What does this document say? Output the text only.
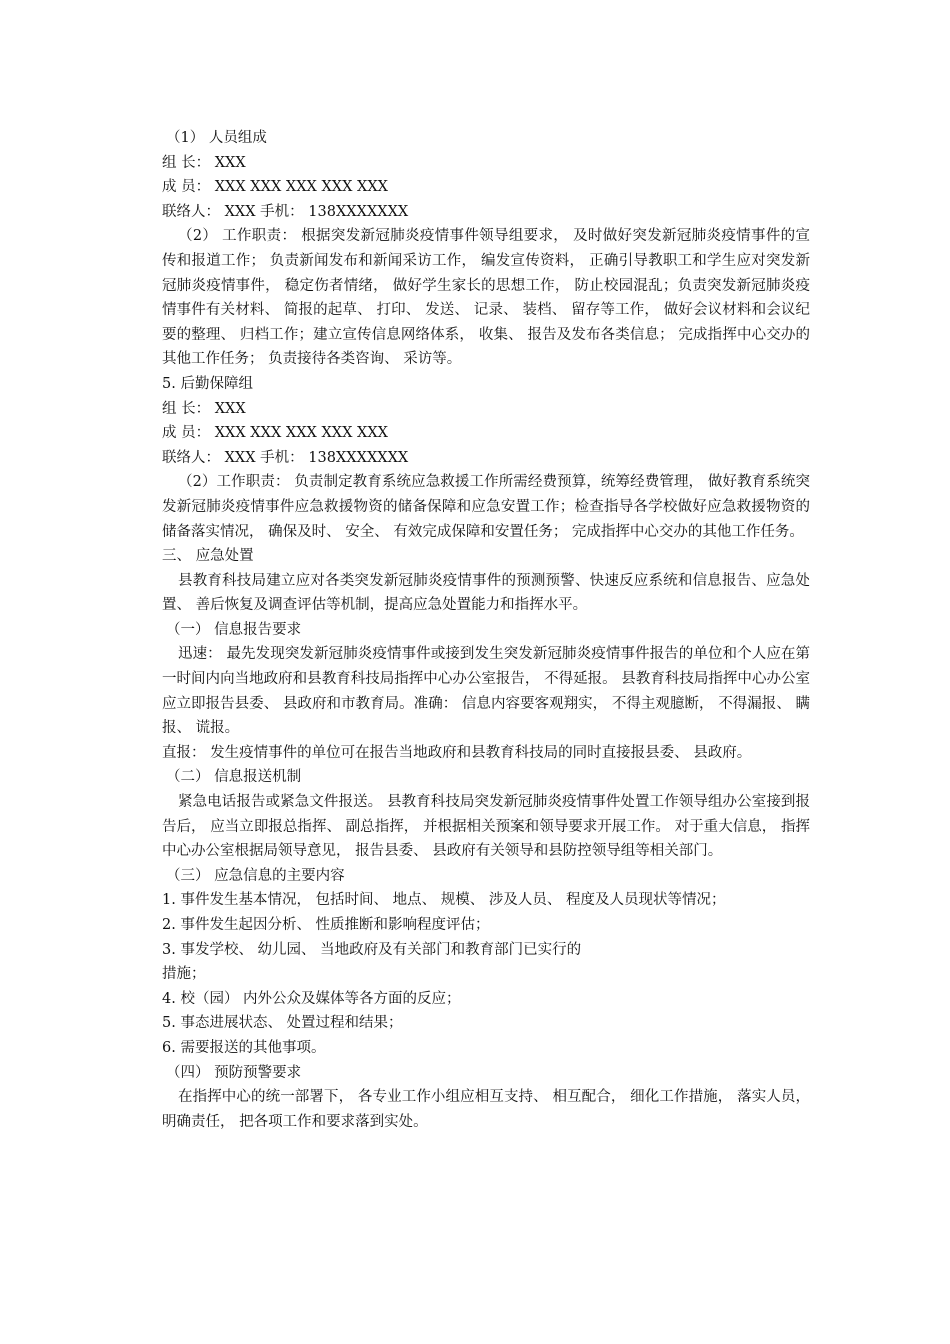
（1） 人员组成

组 长： XXX

成 员： XXX XXX XXX XXX XXX

联络人： XXX 手机： 138XXXXXXX

（2） 工作职责： 根据突发新冠肺炎疫情事件领导组要求， 及时做好突发新冠肺炎疫情事件的宣传和报道工作； 负责新闻发布和新闻采访工作， 编发宣传资料， 正确引导教职工和学生应对突发新冠肺炎疫情事件， 稳定伤者情绪， 做好学生家长的思想工作， 防止校园混乱；负责突发新冠肺炎疫情事件有关材料、 简报的起草、 打印、 发送、 记录、 装档、 留存等工作， 做好会议材料和会议纪要的整理、 归档工作；建立宣传信息网络体系， 收集、 报告及发布各类信息； 完成指挥中心交办的其他工作任务； 负责接待各类咨询、 采访等。

5. 后勤保障组

组 长： XXX

成 员： XXX XXX XXX XXX XXX

联络人： XXX 手机： 138XXXXXXX

（2）工作职责： 负责制定教育系统应急救援工作所需经费预算，统筹经费管理， 做好教育系统突发新冠肺炎疫情事件应急救援物资的储备保障和应急安置工作；检查指导各学校做好应急救援物资的储备落实情况， 确保及时、 安全、 有效完成保障和安置任务； 完成指挥中心交办的其他工作任务。

三、 应急处置

县教育科技局建立应对各类突发新冠肺炎疫情事件的预测预警、快速反应系统和信息报告、应急处置、 善后恢复及调查评估等机制，提高应急处置能力和指挥水平。

（一） 信息报告要求

迅速： 最先发现突发新冠肺炎疫情事件或接到发生突发新冠肺炎疫情事件报告的单位和个人应在第一时间内向当地政府和县教育科技局指挥中心办公室报告， 不得延报。 县教育科技局指挥中心办公室应立即报告县委、 县政府和市教育局。准确： 信息内容要客观翔实， 不得主观臆断， 不得漏报、 瞒报、 谎报。

直报： 发生疫情事件的单位可在报告当地政府和县教育科技局的同时直接报县委、 县政府。

（二） 信息报送机制

紧急电话报告或紧急文件报送。 县教育科技局突发新冠肺炎疫情事件处置工作领导组办公室接到报告后， 应当立即报总指挥、 副总指挥， 并根据相关预案和领导要求开展工作。 对于重大信息， 指挥中心办公室根据局领导意见， 报告县委、 县政府有关领导和县防控领导组等相关部门。

（三） 应急信息的主要内容

1. 事件发生基本情况， 包括时间、 地点、 规模、 涉及人员、 程度及人员现状等情况；

2. 事件发生起因分析、 性质推断和影响程度评估；

3. 事发学校、 幼儿园、 当地政府及有关部门和教育部门已实行的

措施；

4. 校（园） 内外公众及媒体等各方面的反应；

5. 事态进展状态、 处置过程和结果；

6. 需要报送的其他事项。

（四） 预防预警要求

在指挥中心的统一部署下， 各专业工作小组应相互支持、 相互配合， 细化工作措施， 落实人员， 明确责任， 把各项工作和要求落到实处。
